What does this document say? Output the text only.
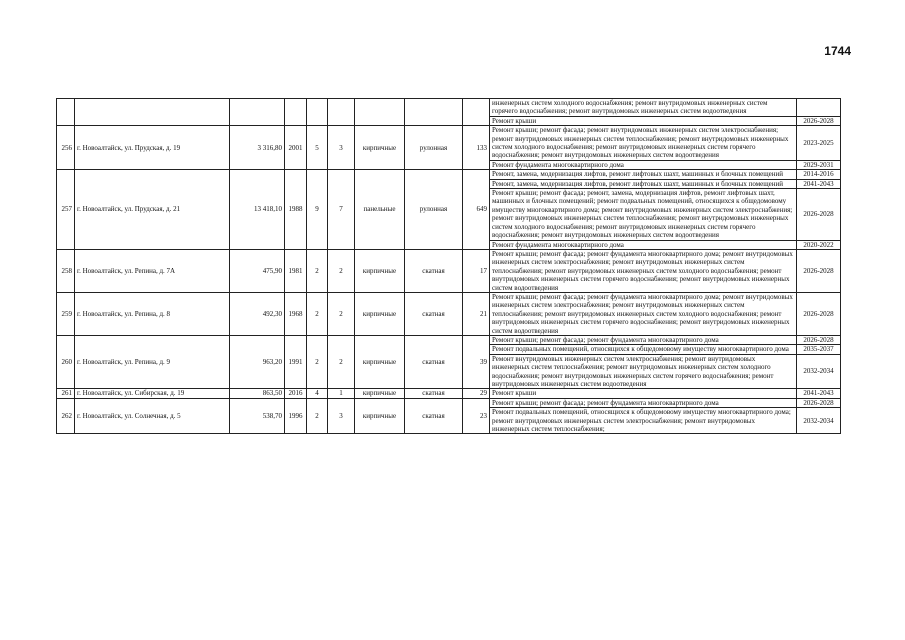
1744
									инженерных систем холодного водоснабжения; ремонт внутридомовых инженерных систем горячего водоснабжения; ремонт внутридомовых инженерных систем водоотведения	
									Ремонт крыши	2026-2028
256	г. Новоалтайск, ул. Прудская, д. 19	3 316,80	2001	5	3	кирпичные	рулонная	133	Ремонт крыши; ремонт фасада; ремонт внутридомовых инженерных систем электроснабжения; ремонт внутридомовых инженерных систем теплоснабжения; ремонт внутридомовых инженерных систем холодного водоснабжения; ремонт внутридомовых инженерных систем горячего водоснабжения; ремонт внутридомовых инженерных систем водоотведения	2023-2025
									Ремонт фундамента многоквартирного дома	2029-2031
257	г. Новоалтайск, ул. Прудская, д. 21	13 418,10	1988	9	7	панельные	рулонная	649	Ремонт, замена, модернизация лифтов, ремонт лифтовых шахт, машинных и блочных помещений	2014-2016
									Ремонт, замена, модернизация лифтов, ремонт лифтовых шахт, машинных и блочных помещений	2041-2043
									Ремонт крыши; ремонт фасада; ремонт, замена, модернизация лифтов, ремонт лифтовых шахт, машинных и блочных помещений; ремонт подвальных помещений, относящихся к общедомовому имуществу многоквартирного дома; ремонт внутридомовых инженерных систем электроснабжения; ремонт внутридомовых инженерных систем теплоснабжения; ремонт внутридомовых инженерных систем холодного водоснабжения; ремонт внутридомовых инженерных систем горячего водоснабжения; ремонт внутридомовых инженерных систем водоотведения	2026-2028
									Ремонт фундамента многоквартирного дома	2020-2022
258	г. Новоалтайск, ул. Репина, д. 7А	475,90	1981	2	2	кирпичные	скатная	17	Ремонт крыши; ремонт фасада; ремонт фундамента многоквартирного дома; ремонт внутридомовых инженерных систем электроснабжения; ремонт внутридомовых инженерных систем теплоснабжения; ремонт внутридомовых инженерных систем холодного водоснабжения; ремонт внутридомовых инженерных систем горячего водоснабжения; ремонт внутридомовых инженерных систем водоотведения	2026-2028
259	г. Новоалтайск, ул. Репина, д. 8	492,30	1968	2	2	кирпичные	скатная	21	Ремонт крыши; ремонт фасада; ремонт фундамента многоквартирного дома; ремонт внутридомовых инженерных систем электроснабжения; ремонт внутридомовых инженерных систем теплоснабжения; ремонт внутридомовых инженерных систем холодного водоснабжения; ремонт внутридомовых инженерных систем горячего водоснабжения; ремонт внутридомовых инженерных систем водоотведения	2026-2028
260	г. Новоалтайск, ул. Репина, д. 9	963,20	1991	2	2	кирпичные	скатная	39	Ремонт крыши; ремонт фасада; ремонт фундамента многоквартирного дома	2026-2028
									Ремонт подвальных помещений, относящихся к общедомовому имуществу многоквартирного дома	2035-2037
									Ремонт внутридомовых инженерных систем электроснабжения; ремонт внутридомовых инженерных систем теплоснабжения; ремонт внутридомовых инженерных систем холодного водоснабжения; ремонт внутридомовых инженерных систем горячего водоснабжения; ремонт внутридомовых инженерных систем водоотведения	2032-2034
261	г. Новоалтайск, ул. Сибирская, д. 19	863,50	2016	4	1	кирпичные	скатная	29	Ремонт крыши	2041-2043
262	г. Новоалтайск, ул. Солнечная, д. 5	538,70	1996	2	3	кирпичные	скатная	23	Ремонт крыши; ремонт фасада; ремонт фундамента многоквартирного дома	2026-2028
									Ремонт подвальных помещений, относящихся к общедомовому имуществу многоквартирного дома; ремонт внутридомовых инженерных систем электроснабжения; ремонт внутридомовых инженерных систем теплоснабжения;	2032-2034
